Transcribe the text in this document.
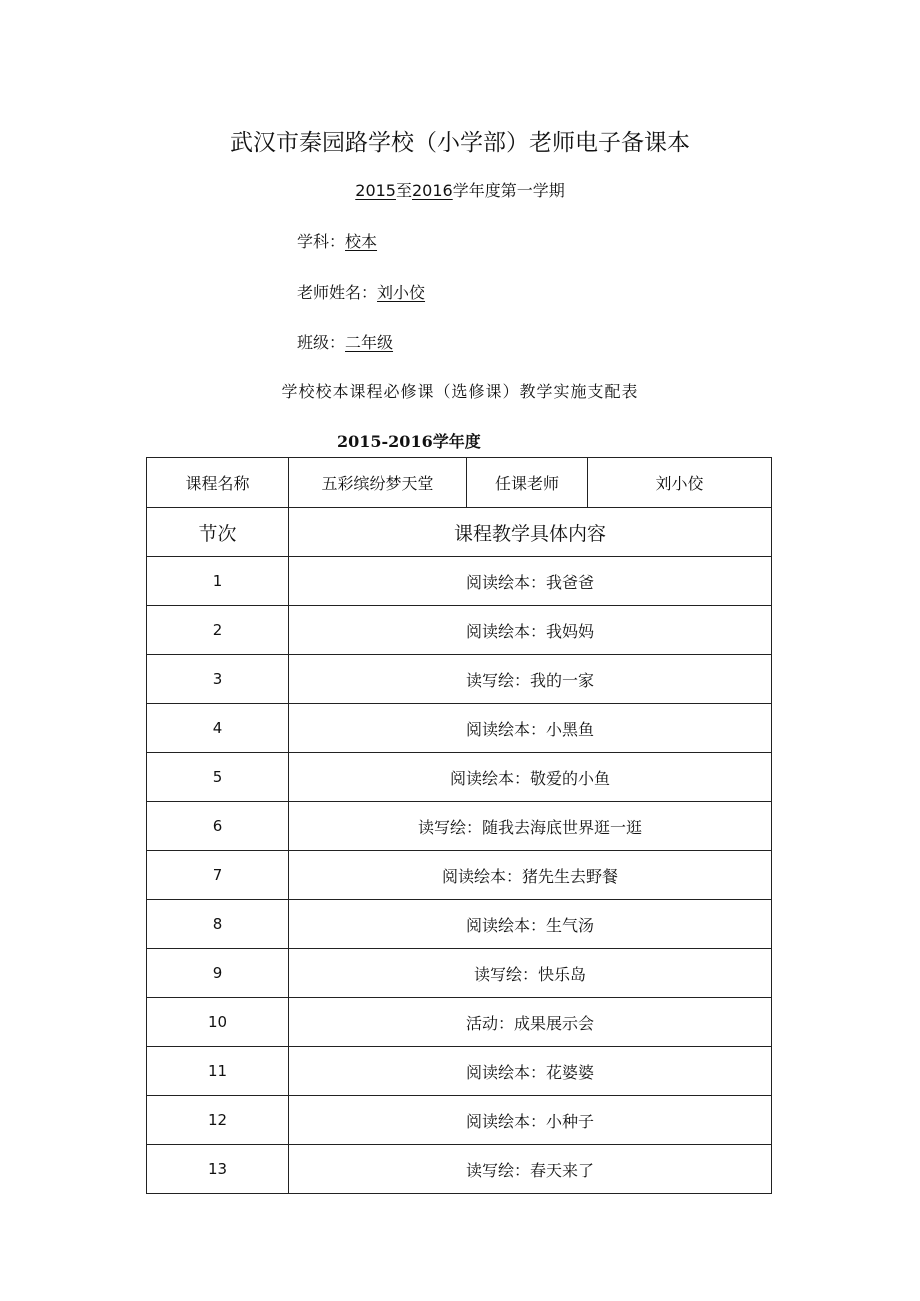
武汉市秦园路学校（小学部）老师电子备课本
2015至2016学年度第一学期
学科：校本
老师姓名：刘小佼
班级：二年级
学校校本课程必修课（选修课）教学实施支配表
2015-2016学年度
课程名称	五彩缤纷梦天堂	任课老师	刘小佼
节次	课程教学具体内容		
1	阅读绘本：我爸爸		
2	阅读绘本：我妈妈		
3	读写绘：我的一家		
4	阅读绘本：小黑鱼		
5	阅读绘本：敬爱的小鱼		
6	读写绘：随我去海底世界逛一逛		
7	阅读绘本：猪先生去野餐		
8	阅读绘本：生气汤		
9	读写绘：快乐岛		
10	活动：成果展示会		
11	阅读绘本：花婆婆		
12	阅读绘本：小种子		
13	读写绘：春天来了		
